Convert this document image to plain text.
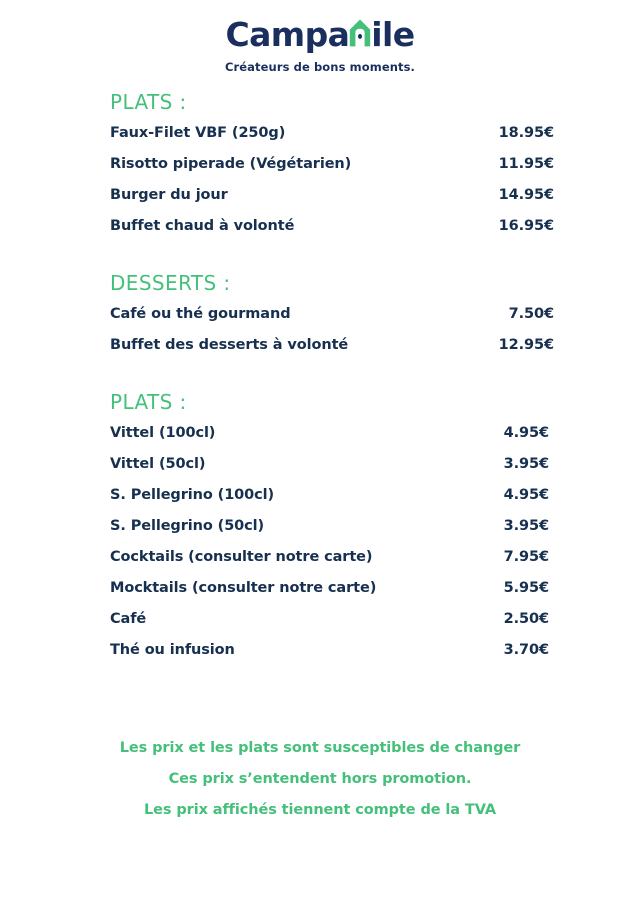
Campa ile
Créateurs de bons moments.
PLATS :
Faux-Filet VBF (250g)	18.95€
Risotto piperade (Végétarien)	11.95€
Burger du jour	14.95€
Buffet chaud à volonté	16.95€
DESSERTS :
Café ou thé gourmand	7.50€
Buffet des desserts à volonté	12.95€
PLATS :
Vittel (100cl)	4.95€
Vittel (50cl)	3.95€
S. Pellegrino (100cl)	4.95€
S. Pellegrino (50cl)	3.95€
Cocktails (consulter notre carte)	7.95€
Mocktails (consulter notre carte)	5.95€
Café	2.50€
Thé ou infusion	3.70€
Les prix et les plats sont susceptibles de changer
Ces prix s’entendent hors promotion.
Les prix affichés tiennent compte de la TVA
